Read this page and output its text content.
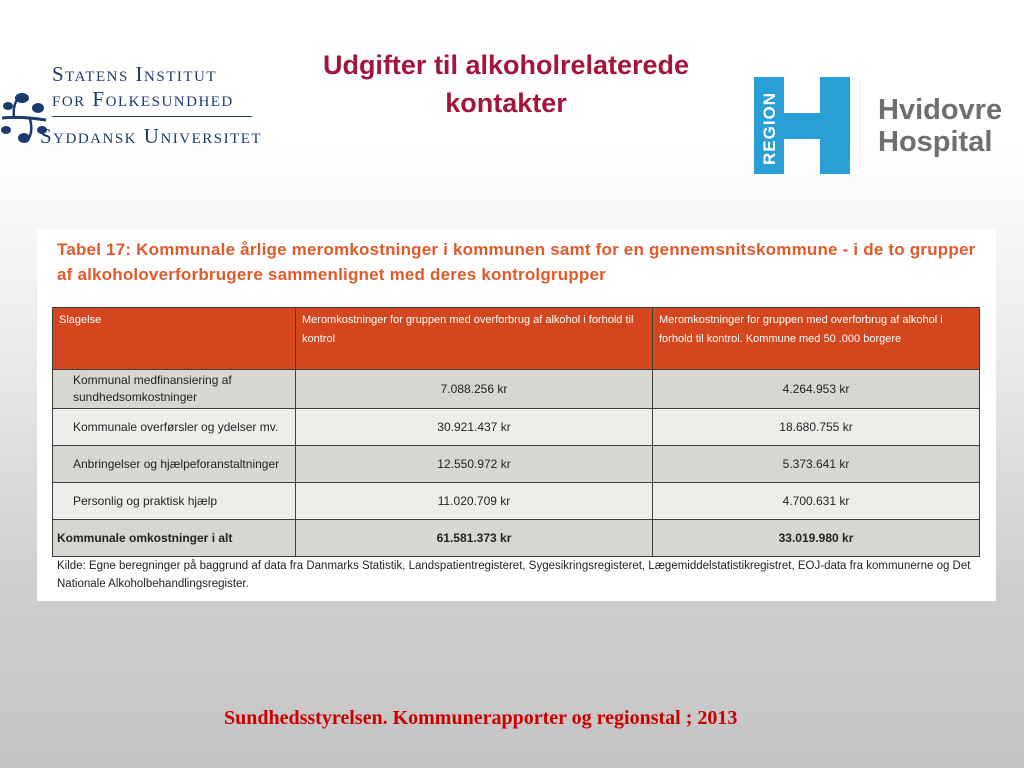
Statens Institut
for Folkesundhed
Syddansk Universitet
Udgifter til alkoholrelaterede kontakter	REGION	Hvidovre
Hospital
Tabel 17: Kommunale årlige meromkostninger i kommunen samt for en gennemsnitskommune - i de to grupper af alkoholoverforbrugere sammenlignet med deres kontrolgrupper
Slagelse	Meromkostninger for gruppen med overforbrug af alkohol i forhold til kontrol	Meromkostninger for gruppen med overforbrug af alkohol i forhold til kontrol. Kommune med 50 .000 borgere
Kommunal medfinansiering af sundhedsomkostninger	7.088.256 kr	4.264.953 kr
Kommunale overførsler og ydelser mv.	30.921.437 kr	18.680.755 kr
Anbringelser og hjælpeforanstaltninger	12.550.972 kr	5.373.641 kr
Personlig og praktisk hjælp	11.020.709 kr	4.700.631 kr
Kommunale omkostninger i alt	61.581.373 kr	33.019.980 kr
Kilde: Egne beregninger på baggrund af data fra Danmarks Statistik, Landspatientregisteret, Sygesikringsregisteret, Lægemiddelstatistikregistret, EOJ-data fra kommunerne og Det Nationale Alkoholbehandlingsregister.
Sundhedsstyrelsen. Kommunerapporter og regionstal ; 2013
